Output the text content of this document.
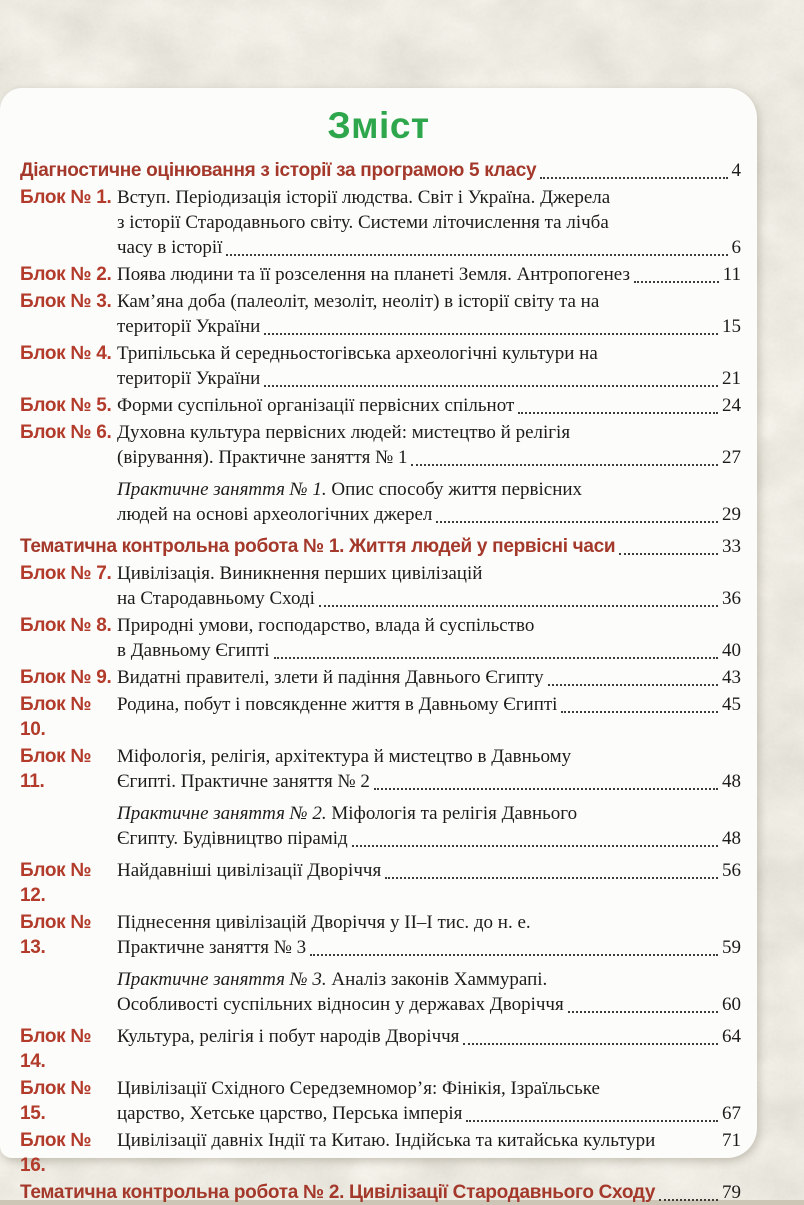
Зміст
Діагностичне оцінювання з історії за програмою 5 класу	4
Блок № 1. Вступ. Періодизація історії людства. Світ і Україна. Джерела
з історії Стародавнього світу. Системи літочислення та лічба
часу в історії	6
Блок № 2. Поява людини та її розселення на планеті Земля. Антропогенез	11
Блок № 3. Кам’яна доба (палеоліт, мезоліт, неоліт) в історії світу та на
території України	15
Блок № 4. Трипільська й середньостогівська археологічні культури на
території України	21
Блок № 5. Форми суспільної організації первісних спільнот	24
Блок № 6. Духовна культура первісних людей: мистецтво й релігія
(вірування). Практичне заняття № 1	27
Практичне заняття № 1. Опис способу життя первісних
людей на основі археологічних джерел	29
Тематична контрольна робота № 1. Життя людей у первісні часи	33
Блок № 7. Цивілізація. Виникнення перших цивілізацій
на Стародавньому Сході	36
Блок № 8. Природні умови, господарство, влада й суспільство
в Давньому Єгипті	40
Блок № 9. Видатні правителі, злети й падіння Давнього Єгипту	43
Блок № 10.
Родина, побут і повсякденне життя в Давньому Єгипті	45
Блок № 11.
Міфологія, релігія, архітектура й мистецтво в Давньому
Єгипті. Практичне заняття № 2	48
Практичне заняття № 2. Міфологія та релігія Давнього
Єгипту. Будівництво пірамід	48
Блок № 12.
Найдавніші цивілізації Дворіччя	56
Блок № 13.
Піднесення цивілізацій Дворіччя у II–I тис. до н. е.
Практичне заняття № 3	59
Практичне заняття № 3. Аналіз законів Хаммурапі.
Особливості суспільних відносин у державах Дворіччя	60
Блок № 14.
Культура, релігія і побут народів Дворіччя	64
Блок № 15.
Цивілізації Східного Середземномор’я: Фінікія, Ізраїльське
царство, Хетське царство, Перська імперія	67
Блок № 16.
Цивілізації давніх Індії та Китаю. Індійська та китайська культури	71
Тематична контрольна робота № 2. Цивілізації Стародавнього Сходу	79
